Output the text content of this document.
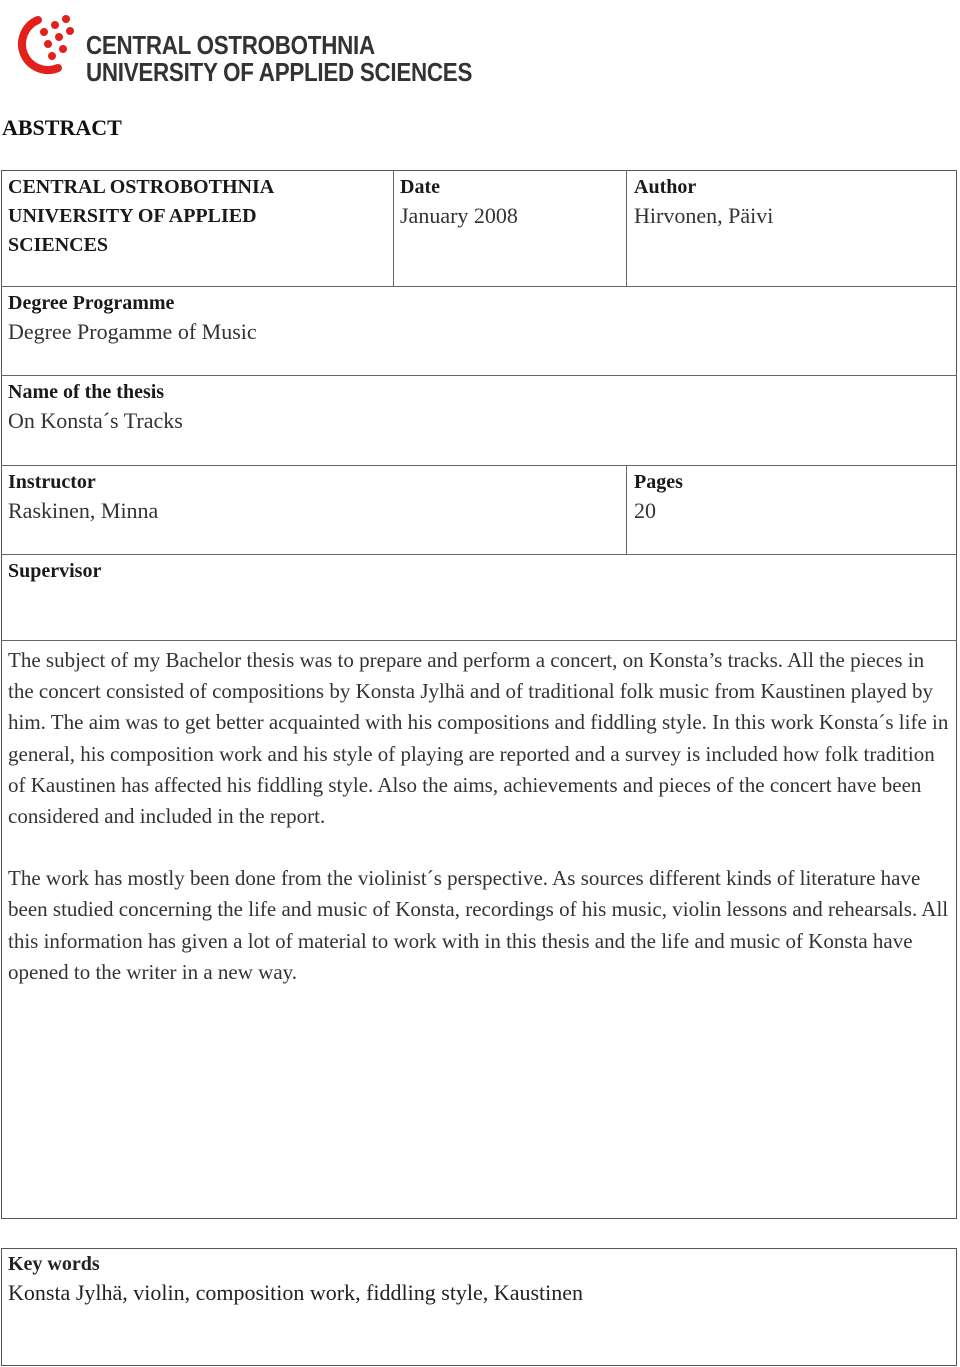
CENTRAL OSTROBOTHNIA
UNIVERSITY OF APPLIED SCIENCES
ABSTRACT
CENTRAL OSTROBOTHNIA
UNIVERSITY OF APPLIED
SCIENCES
Date
January 2008
Author
Hirvonen, Päivi
Degree Programme
Degree Progamme of Music
Name of the thesis
On Konsta´s Tracks
Instructor
Raskinen, Minna
Pages
20
Supervisor

The subject of my Bachelor thesis was to prepare and perform a concert, on Konsta’s tracks. All the pieces in the concert consisted of compositions by Konsta Jylhä and of traditional folk music from Kaustinen played by him. The aim was to get better acquainted with his compositions and fiddling style. In this work Konsta´s life in general, his composition work and his style of playing are reported and a survey is included how folk tradition of Kaustinen has affected his fiddling style. Also the aims, achievements and pieces of the concert have been considered and included in the report.

The work has mostly been done from the violinist´s perspective. As sources different kinds of literature have been studied concerning the life and music of Konsta, recordings of his music, violin lessons and rehearsals. All this information has given a lot of material to work with in this thesis and the life and music of Konsta have opened to the writer in a new way.

Key words
Konsta Jylhä, violin, composition work, fiddling style, Kaustinen
